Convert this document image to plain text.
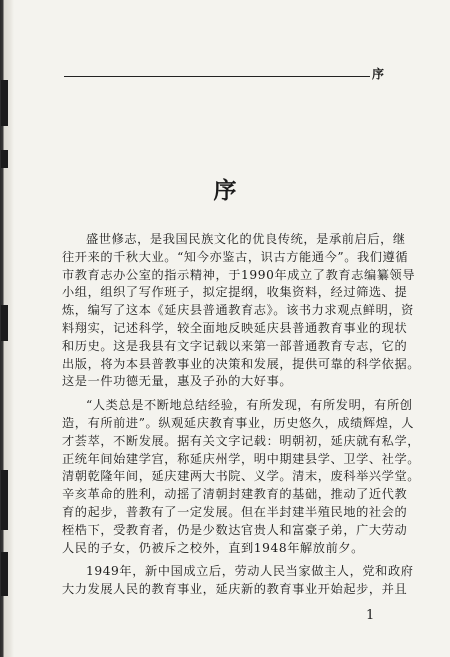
序
序
盛世修志，是我国民族文化的优良传统，是承前启后，继
往开来的千秋大业。“知今亦鉴古，识古方能通今”。我们遵循
市教育志办公室的指示精神，于1990年成立了教育志编纂领导
小组，组织了写作班子，拟定提纲，收集资料，经过筛选、提
炼，编写了这本《延庆县普通教育志》。该书力求观点鲜明，资
料翔实，记述科学，较全面地反映延庆县普通教育事业的现状
和历史。这是我县有文字记载以来第一部普通教育专志，它的
出版，将为本县普教事业的决策和发展，提供可靠的科学依据。
这是一件功德无量，惠及子孙的大好事。
“人类总是不断地总结经验，有所发现，有所发明，有所创
造，有所前进”。纵观延庆教育事业，历史悠久，成绩辉煌，人
才荟萃，不断发展。据有关文字记载：明朝初，延庆就有私学，
正统年间始建学宫，称延庆州学，明中期建县学、卫学、社学。
清朝乾隆年间，延庆建两大书院、义学。清末，废科举兴学堂。
辛亥革命的胜利，动摇了清朝封建教育的基础，推动了近代教
育的起步，普教有了一定发展。但在半封建半殖民地的社会的
桎梏下，受教育者，仍是少数达官贵人和富豪子弟，广大劳动
人民的子女，仍被斥之校外，直到1948年解放前夕。
1949年，新中国成立后，劳动人民当家做主人，党和政府
大力发展人民的教育事业，延庆新的教育事业开始起步，并且
1
